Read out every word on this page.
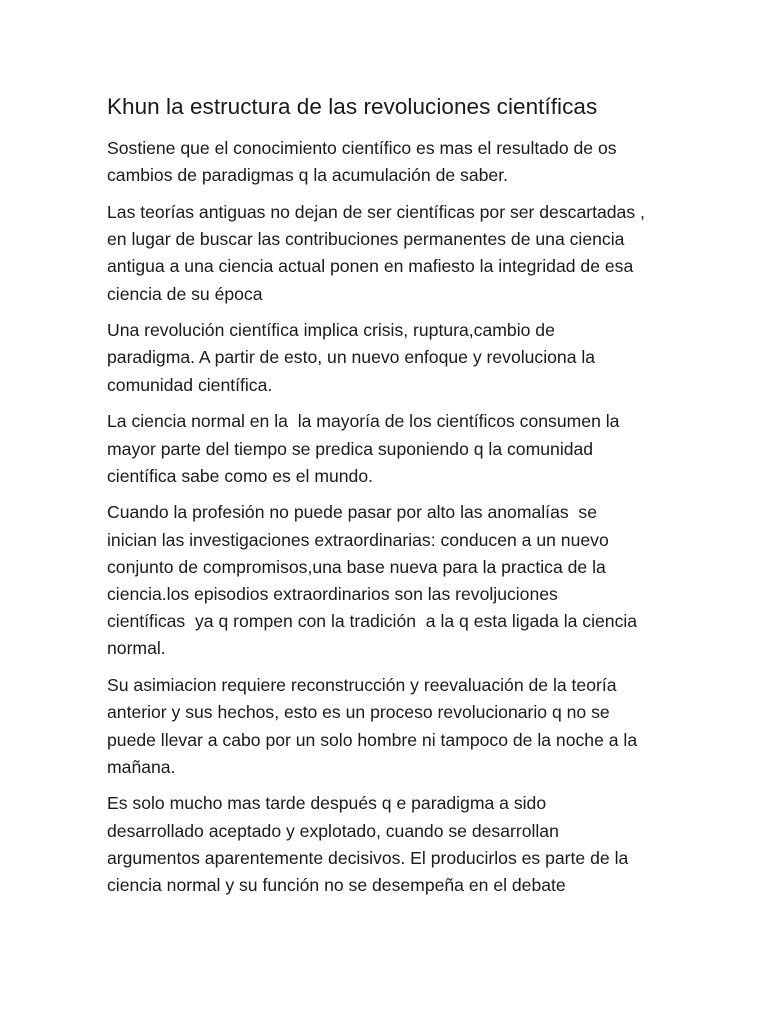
Khun la estructura de las revoluciones científicas

Sostiene que el conocimiento científico es mas el resultado de os
cambios de paradigmas q la acumulación de saber.

Las teorías antiguas no dejan de ser científicas por ser descartadas ,
en lugar de buscar las contribuciones permanentes de una ciencia
antigua a una ciencia actual ponen en mafiesto la integridad de esa
ciencia de su época

Una revolución científica implica crisis, ruptura,cambio de
paradigma. A partir de esto, un nuevo enfoque y revoluciona la
comunidad científica.

La ciencia normal en la  la mayoría de los científicos consumen la
mayor parte del tiempo se predica suponiendo q la comunidad
científica sabe como es el mundo.

Cuando la profesión no puede pasar por alto las anomalías  se
inician las investigaciones extraordinarias: conducen a un nuevo
conjunto de compromisos,una base nueva para la practica de la
ciencia.los episodios extraordinarios son las revoljuciones
científicas  ya q rompen con la tradición  a la q esta ligada la ciencia
normal.

Su asimiacion requiere reconstrucción y reevaluación de la teoría
anterior y sus hechos, esto es un proceso revolucionario q no se
puede llevar a cabo por un solo hombre ni tampoco de la noche a la
mañana.

Es solo mucho mas tarde después q e paradigma a sido
desarrollado aceptado y explotado, cuando se desarrollan
argumentos aparentemente decisivos. El producirlos es parte de la
ciencia normal y su función no se desempeña en el debate
